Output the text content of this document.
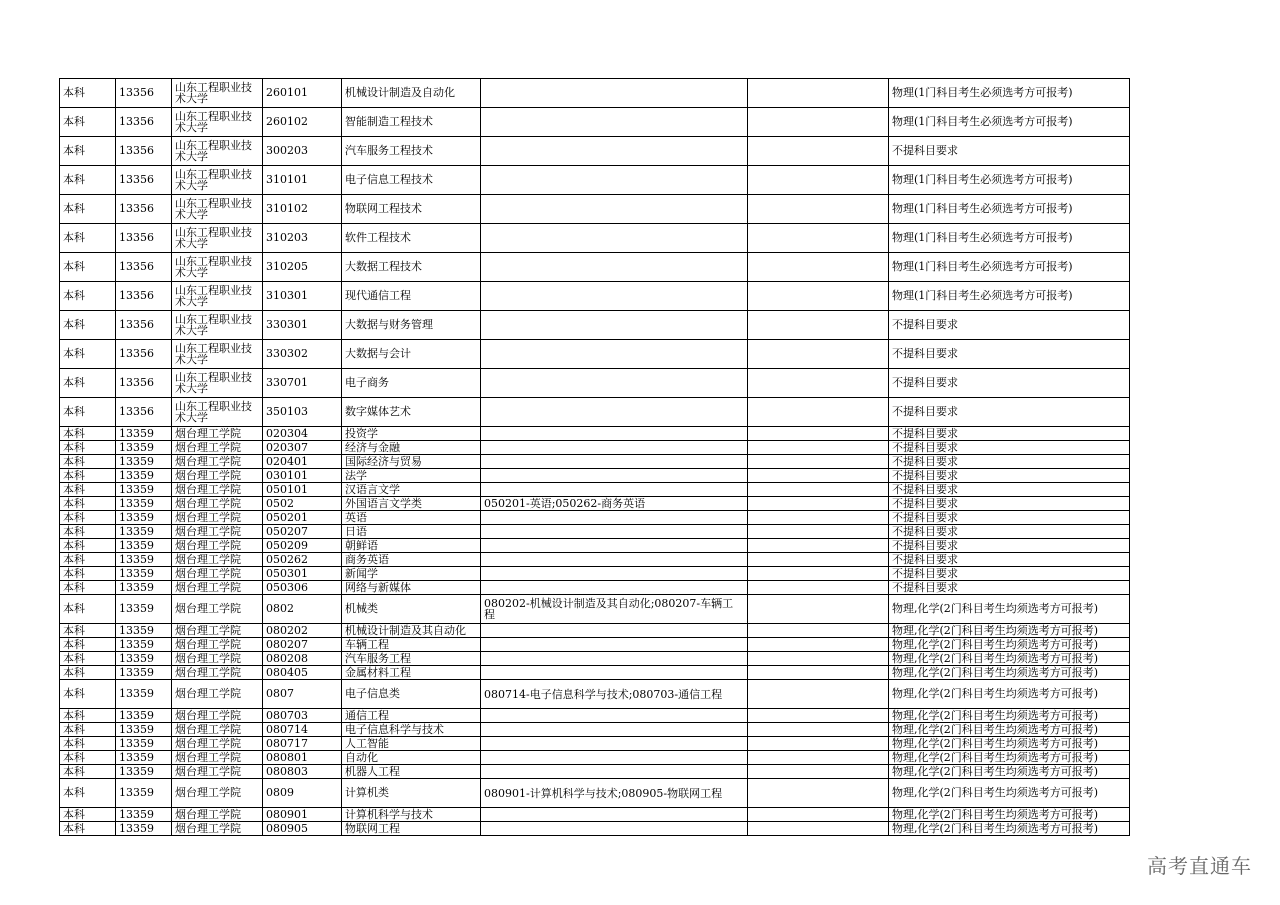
本科	13356	山东工程职业技术大学	260101	机械设计制造及自动化			物理(1门科目考生必须选考方可报考)
本科	13356	山东工程职业技术大学	260102	智能制造工程技术			物理(1门科目考生必须选考方可报考)
本科	13356	山东工程职业技术大学	300203	汽车服务工程技术			不提科目要求
本科	13356	山东工程职业技术大学	310101	电子信息工程技术			物理(1门科目考生必须选考方可报考)
本科	13356	山东工程职业技术大学	310102	物联网工程技术			物理(1门科目考生必须选考方可报考)
本科	13356	山东工程职业技术大学	310203	软件工程技术			物理(1门科目考生必须选考方可报考)
本科	13356	山东工程职业技术大学	310205	大数据工程技术			物理(1门科目考生必须选考方可报考)
本科	13356	山东工程职业技术大学	310301	现代通信工程			物理(1门科目考生必须选考方可报考)
本科	13356	山东工程职业技术大学	330301	大数据与财务管理			不提科目要求
本科	13356	山东工程职业技术大学	330302	大数据与会计			不提科目要求
本科	13356	山东工程职业技术大学	330701	电子商务			不提科目要求
本科	13356	山东工程职业技术大学	350103	数字媒体艺术			不提科目要求
本科	13359	烟台理工学院	020304	投资学			不提科目要求
本科	13359	烟台理工学院	020307	经济与金融			不提科目要求
本科	13359	烟台理工学院	020401	国际经济与贸易			不提科目要求
本科	13359	烟台理工学院	030101	法学			不提科目要求
本科	13359	烟台理工学院	050101	汉语言文学			不提科目要求
本科	13359	烟台理工学院	0502	外国语言文学类	050201-英语;050262-商务英语		不提科目要求
本科	13359	烟台理工学院	050201	英语			不提科目要求
本科	13359	烟台理工学院	050207	日语			不提科目要求
本科	13359	烟台理工学院	050209	朝鲜语			不提科目要求
本科	13359	烟台理工学院	050262	商务英语			不提科目要求
本科	13359	烟台理工学院	050301	新闻学			不提科目要求
本科	13359	烟台理工学院	050306	网络与新媒体			不提科目要求
本科	13359	烟台理工学院	0802	机械类	080202-机械设计制造及其自动化;080207-车辆工程		物理,化学(2门科目考生均须选考方可报考)
本科	13359	烟台理工学院	080202	机械设计制造及其自动化			物理,化学(2门科目考生均须选考方可报考)
本科	13359	烟台理工学院	080207	车辆工程			物理,化学(2门科目考生均须选考方可报考)
本科	13359	烟台理工学院	080208	汽车服务工程			物理,化学(2门科目考生均须选考方可报考)
本科	13359	烟台理工学院	080405	金属材料工程			物理,化学(2门科目考生均须选考方可报考)
本科	13359	烟台理工学院	0807	电子信息类	080714-电子信息科学与技术;080703-通信工程		物理,化学(2门科目考生均须选考方可报考)
本科	13359	烟台理工学院	080703	通信工程			物理,化学(2门科目考生均须选考方可报考)
本科	13359	烟台理工学院	080714	电子信息科学与技术			物理,化学(2门科目考生均须选考方可报考)
本科	13359	烟台理工学院	080717	人工智能			物理,化学(2门科目考生均须选考方可报考)
本科	13359	烟台理工学院	080801	自动化			物理,化学(2门科目考生均须选考方可报考)
本科	13359	烟台理工学院	080803	机器人工程			物理,化学(2门科目考生均须选考方可报考)
本科	13359	烟台理工学院	0809	计算机类	080901-计算机科学与技术;080905-物联网工程		物理,化学(2门科目考生均须选考方可报考)
本科	13359	烟台理工学院	080901	计算机科学与技术			物理,化学(2门科目考生均须选考方可报考)
本科	13359	烟台理工学院	080905	物联网工程			物理,化学(2门科目考生均须选考方可报考)
高考直通车
